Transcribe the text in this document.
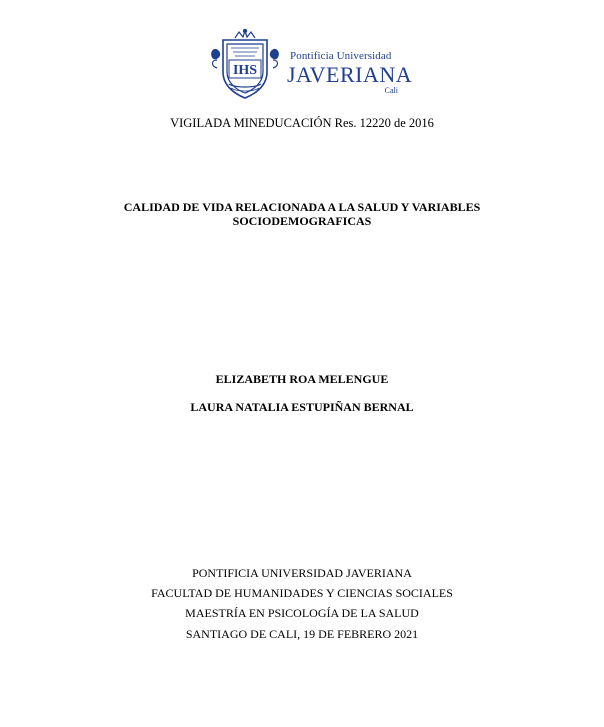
IHS
Pontificia Universidad
JAVERIANA
Cali
VIGILADA MINEDUCACIÓN Res. 12220 de 2016
CALIDAD DE VIDA RELACIONADA A LA SALUD Y VARIABLES
SOCIODEMOGRAFICAS
ELIZABETH ROA MELENGUE
LAURA NATALIA ESTUPIÑAN BERNAL
PONTIFICIA UNIVERSIDAD JAVERIANA
FACULTAD DE HUMANIDADES Y CIENCIAS SOCIALES
MAESTRÍA EN PSICOLOGÍA DE LA SALUD
SANTIAGO DE CALI, 19 DE FEBRERO 2021
